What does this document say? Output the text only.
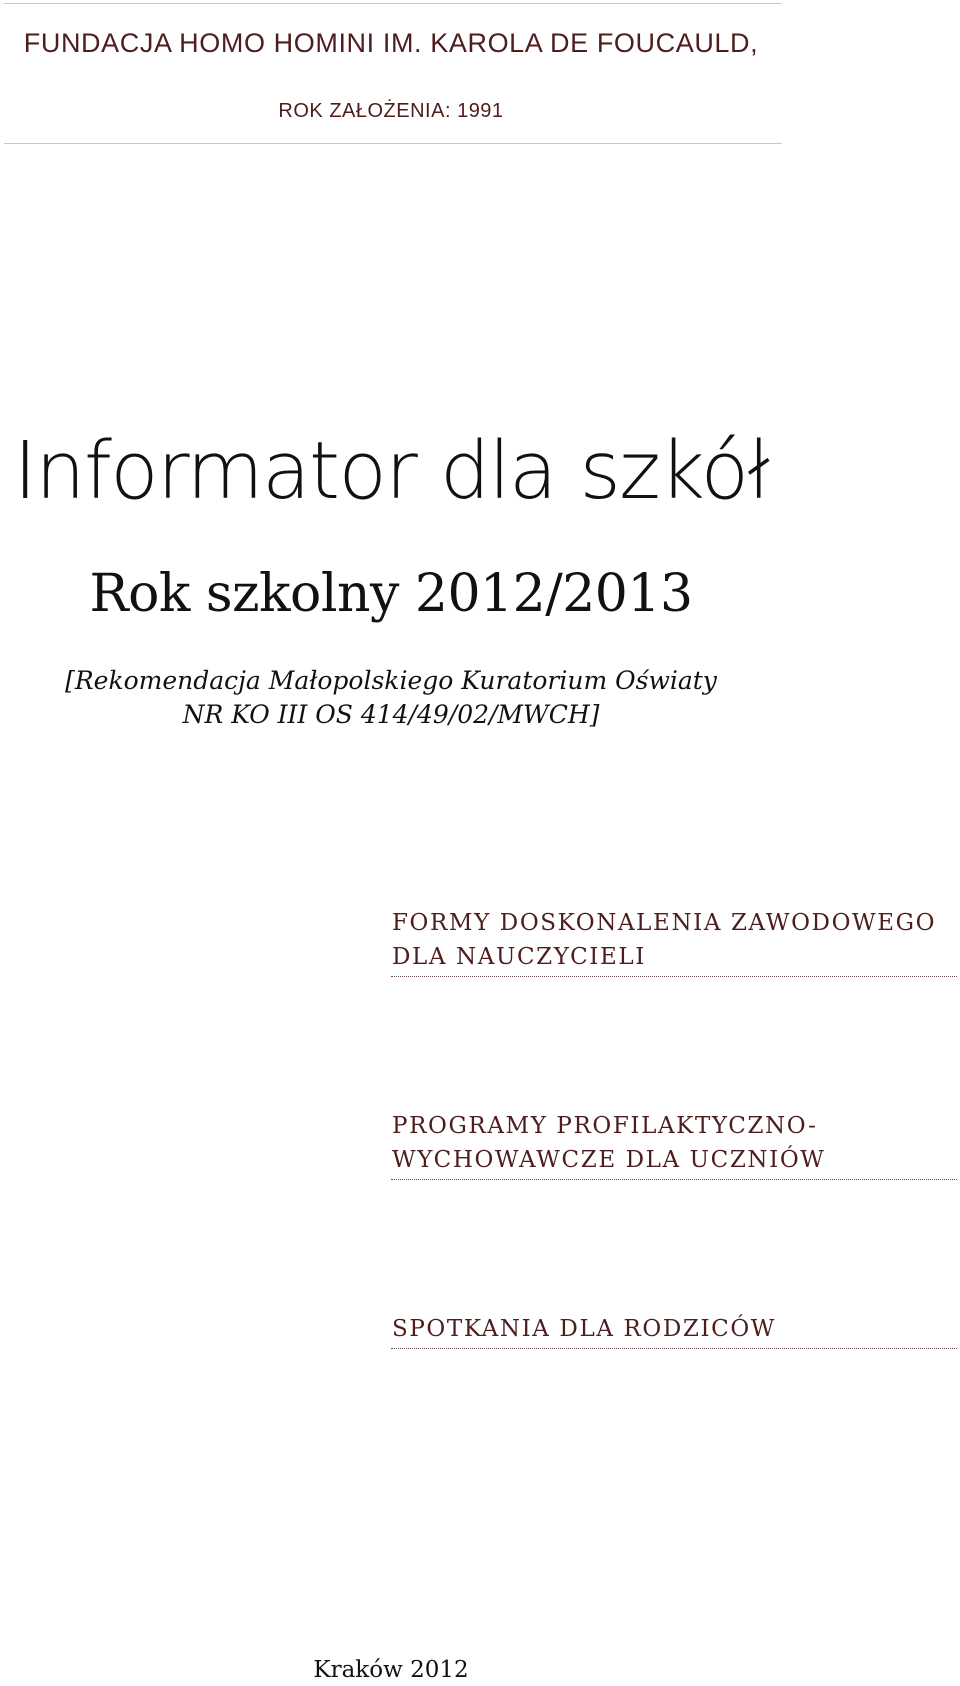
FUNDACJA HOMO HOMINI IM. KAROLA DE FOUCAULD,
ROK ZAŁOŻENIA: 1991
Informator dla szkół
Rok szkolny 2012/2013
[Rekomendacja Małopolskiego Kuratorium Oświaty
NR KO III OS 414/49/02/MWCH]
FORMY DOSKONALENIA ZAWODOWEGO
DLA NAUCZYCIELI
PROGRAMY PROFILAKTYCZNO-
WYCHOWAWCZE DLA UCZNIÓW
SPOTKANIA DLA RODZICÓW
Kraków 2012
